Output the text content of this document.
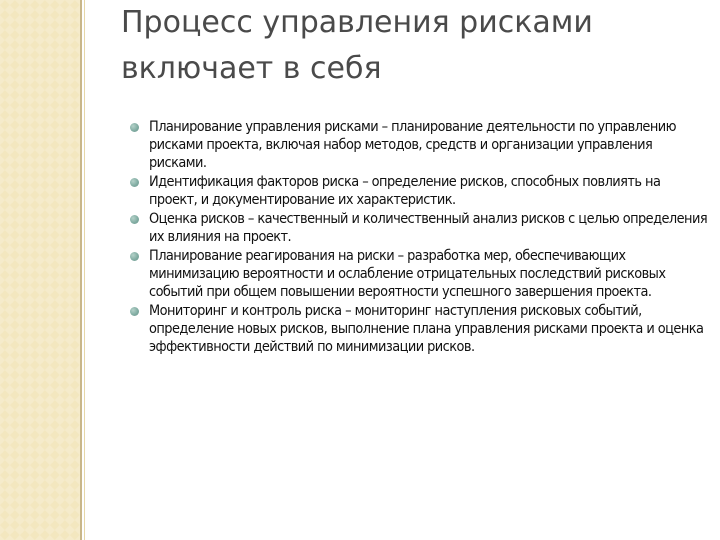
Процесс управления рисками включает в себя
Планирование управления рисками – планирование деятельности по управлению рисками проекта, включая набор методов, средств и организации управления рисками.
Идентификация факторов риска – определение рисков, способных повлиять на проект, и документирование их характеристик.
Оценка рисков – качественный и количественный анализ рисков с целью определения их влияния на проект.
Планирование реагирования на риски – разработка мер, обеспечивающих минимизацию вероятности и ослабление отрицательных последствий рисковых событий при общем повышении вероятности успешного завершения проекта.
Мониторинг и контроль риска – мониторинг наступления рисковых событий, определение новых рисков, выполнение плана управления рисками проекта и оценка эффективности действий по минимизации рисков.
